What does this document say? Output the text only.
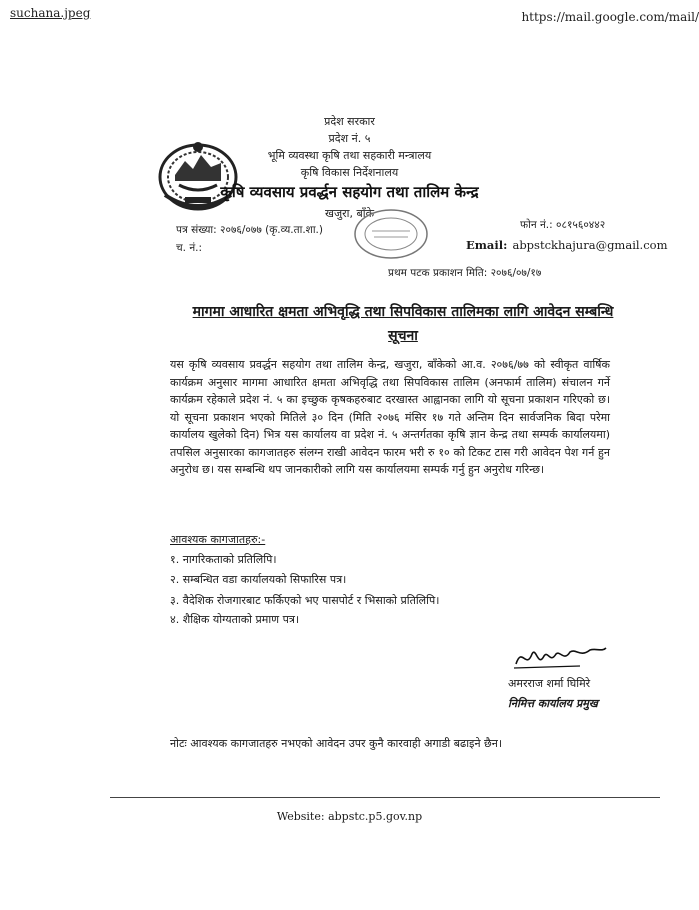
suchana.jpeg	https://mail.google.com/mail/
प्रदेश सरकार
प्रदेश नं. ५
भूमि व्यवस्था कृषि तथा सहकारी मन्त्रालय
कृषि विकास निर्देशनालय
कृषि व्यवसाय प्रवर्द्धन सहयोग तथा तालिम केन्द्र
खजुरा, बाँके
पत्र संख्या: २०७६/०७७ (कृ.व्य.ता.शा.)
च. नं.:
फोन नं.: ०८१५६०४४२
Email: abpstckhajura@gmail.com
प्रथम पटक प्रकाशन मिति: २०७६/०७/१७
मागमा आधारित क्षमता अभिवृद्धि तथा सिपविकास तालिमका लागि आवेदन सम्बन्धि
सूचना
यस कृषि व्यवसाय प्रवर्द्धन सहयोग तथा तालिम केन्द्र, खजुरा, बाँकेको आ.व. २०७६/७७ को स्वीकृत वार्षिक कार्यक्रम अनुसार मागमा आधारित क्षमता अभिवृद्धि तथा सिपविकास तालिम (अनफार्म तालिम) संचालन गर्ने कार्यक्रम रहेकाले प्रदेश नं. ५ का इच्छुक कृषकहरुबाट दरखास्त आह्वानका लागि यो सूचना प्रकाशन गरिएको छ। यो सूचना प्रकाशन भएको मितिले ३० दिन (मिति २०७६ मंसिर १७ गते अन्तिम दिन सार्वजनिक बिदा परेमा कार्यालय खुलेको दिन) भित्र यस कार्यालय वा प्रदेश नं. ५ अन्तर्गतका कृषि ज्ञान केन्द्र तथा सम्पर्क कार्यालयमा) तपसिल अनुसारका कागजातहरु संलग्न राखी आवेदन फारम भरी रु १० को टिकट टास गरी आवेदन पेश गर्न हुन अनुरोध छ। यस सम्बन्धि थप जानकारीको लागि यस कार्यालयमा सम्पर्क गर्नु हुन अनुरोध गरिन्छ।
आवश्यक कागजातहरु:-
१. नागरिकताको प्रतिलिपि।
२. सम्बन्धित वडा कार्यालयको सिफारिस पत्र।
३. वैदेशिक रोजगारबाट फर्किएको भए पासपोर्ट र भिसाको प्रतिलिपि।
४. शैक्षिक योग्यताको प्रमाण पत्र।
अमरराज शर्मा घिमिरे
निमित्त कार्यालय प्रमुख
नोटः आवश्यक कागजातहरु नभएको आवेदन उपर कुनै कारवाही अगाडी बढाइने छैन।
Website: abpstc.p5.gov.np
